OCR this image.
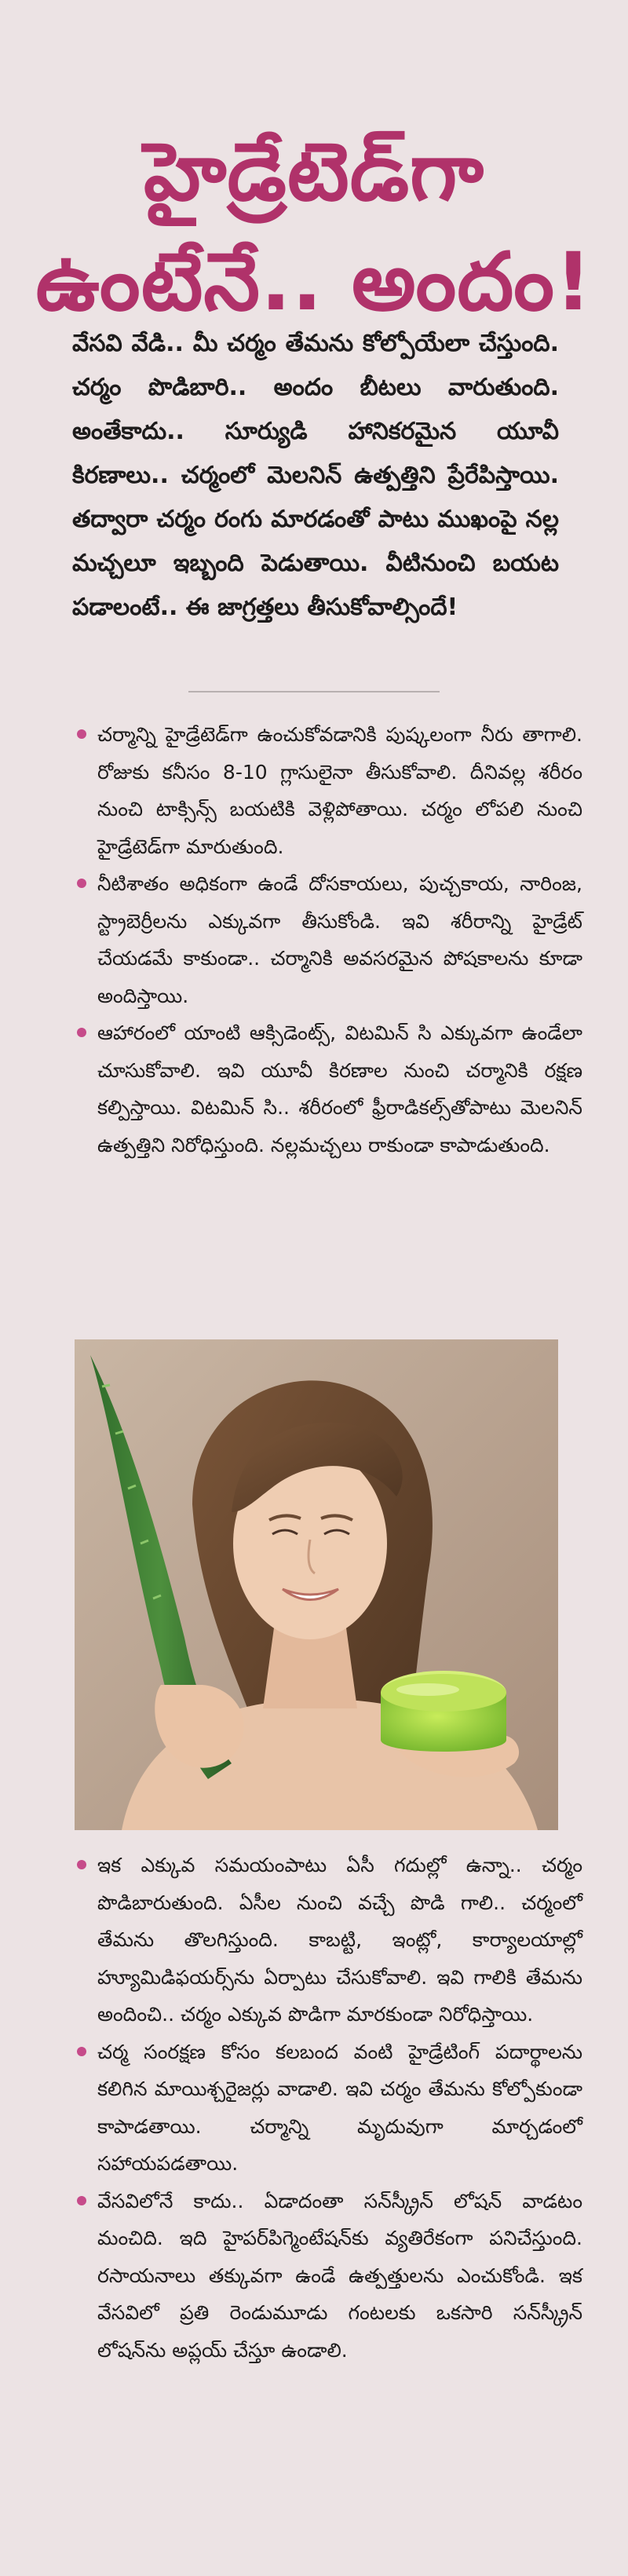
హైడ్రేటెడ్‌గా
ఉంటేనే.. అందం!

వేసవి వేడి.. మీ చర్మం తేమను కోల్పోయేలా చేస్తుంది. చర్మం పొడిబారి.. అందం బీటలు వారుతుంది. అంతేకాదు.. సూర్యుడి హానికరమైన యూవీ కిరణాలు.. చర్మంలో మెలనిన్ ఉత్పత్తిని ప్రేరేపిస్తాయి. తద్వారా చర్మం రంగు మారడంతో పాటు ముఖంపై నల్ల మచ్చలూ ఇబ్బంది పెడుతాయి. వీటినుంచి బయట పడాలంటే.. ఈ జాగ్రత్తలు తీసుకోవాల్సిందే!

చర్మాన్ని హైడ్రేటెడ్‌గా ఉంచుకోవడానికి పుష్కలంగా నీరు తాగాలి. రోజుకు కనీసం 8-10 గ్లాసులైనా తీసుకోవాలి. దీనివల్ల శరీరం నుంచి టాక్సిన్స్ బయటికి వెళ్లిపోతాయి. చర్మం లోపలి నుంచి హైడ్రేటెడ్‌గా మారుతుంది.
నీటిశాతం అధికంగా ఉండే దోసకాయలు, పుచ్చకాయ, నారింజ, స్ట్రాబెర్రీలను ఎక్కువగా తీసుకోండి. ఇవి శరీరాన్ని హైడ్రేట్ చేయడమే కాకుండా.. చర్మానికి అవసరమైన పోషకాలను కూడా అందిస్తాయి.
ఆహారంలో యాంటి ఆక్సిడెంట్స్, విటమిన్ సి ఎక్కువగా ఉండేలా చూసుకోవాలి. ఇవి యూవీ కిరణాల నుంచి చర్మానికి రక్షణ కల్పిస్తాయి. విటమిన్ సి.. శరీరంలో ఫ్రీరాడికల్స్‌తోపాటు మెలనిన్ ఉత్పత్తిని నిరోధిస్తుంది. నల్లమచ్చలు రాకుండా కాపాడుతుంది.
ఇక ఎక్కువ సమయంపాటు ఏసీ గదుల్లో ఉన్నా.. చర్మం పొడిబారుతుంది. ఏసీల నుంచి వచ్చే పొడి గాలి.. చర్మంలో తేమను తొలగిస్తుంది. కాబట్టి, ఇంట్లో, కార్యాలయాల్లో హ్యూమిడిఫయర్స్‌ను ఏర్పాటు చేసుకోవాలి. ఇవి గాలికి తేమను అందించి.. చర్మం ఎక్కువ పొడిగా మారకుండా నిరోధిస్తాయి.
చర్మ సంరక్షణ కోసం కలబంద వంటి హైడ్రేటింగ్ పదార్థాలను కలిగిన మాయిశ్చరైజర్లు వాడాలి. ఇవి చర్మం తేమను కోల్పోకుండా కాపాడతాయి. చర్మాన్ని మృదువుగా మార్చడంలో సహాయపడతాయి.
వేసవిలోనే కాదు.. ఏడాదంతా సన్‌స్క్రీన్ లోషన్ వాడటం మంచిది. ఇది హైపర్‌పిగ్మెంటేషన్‌కు వ్యతిరేకంగా పనిచేస్తుంది. రసాయనాలు తక్కువగా ఉండే ఉత్పత్తులను ఎంచుకోండి. ఇక వేసవిలో ప్రతి రెండుమూడు గంటలకు ఒకసారి సన్‌స్క్రీన్ లోషన్‌ను అప్లయ్ చేస్తూ ఉండాలి.
